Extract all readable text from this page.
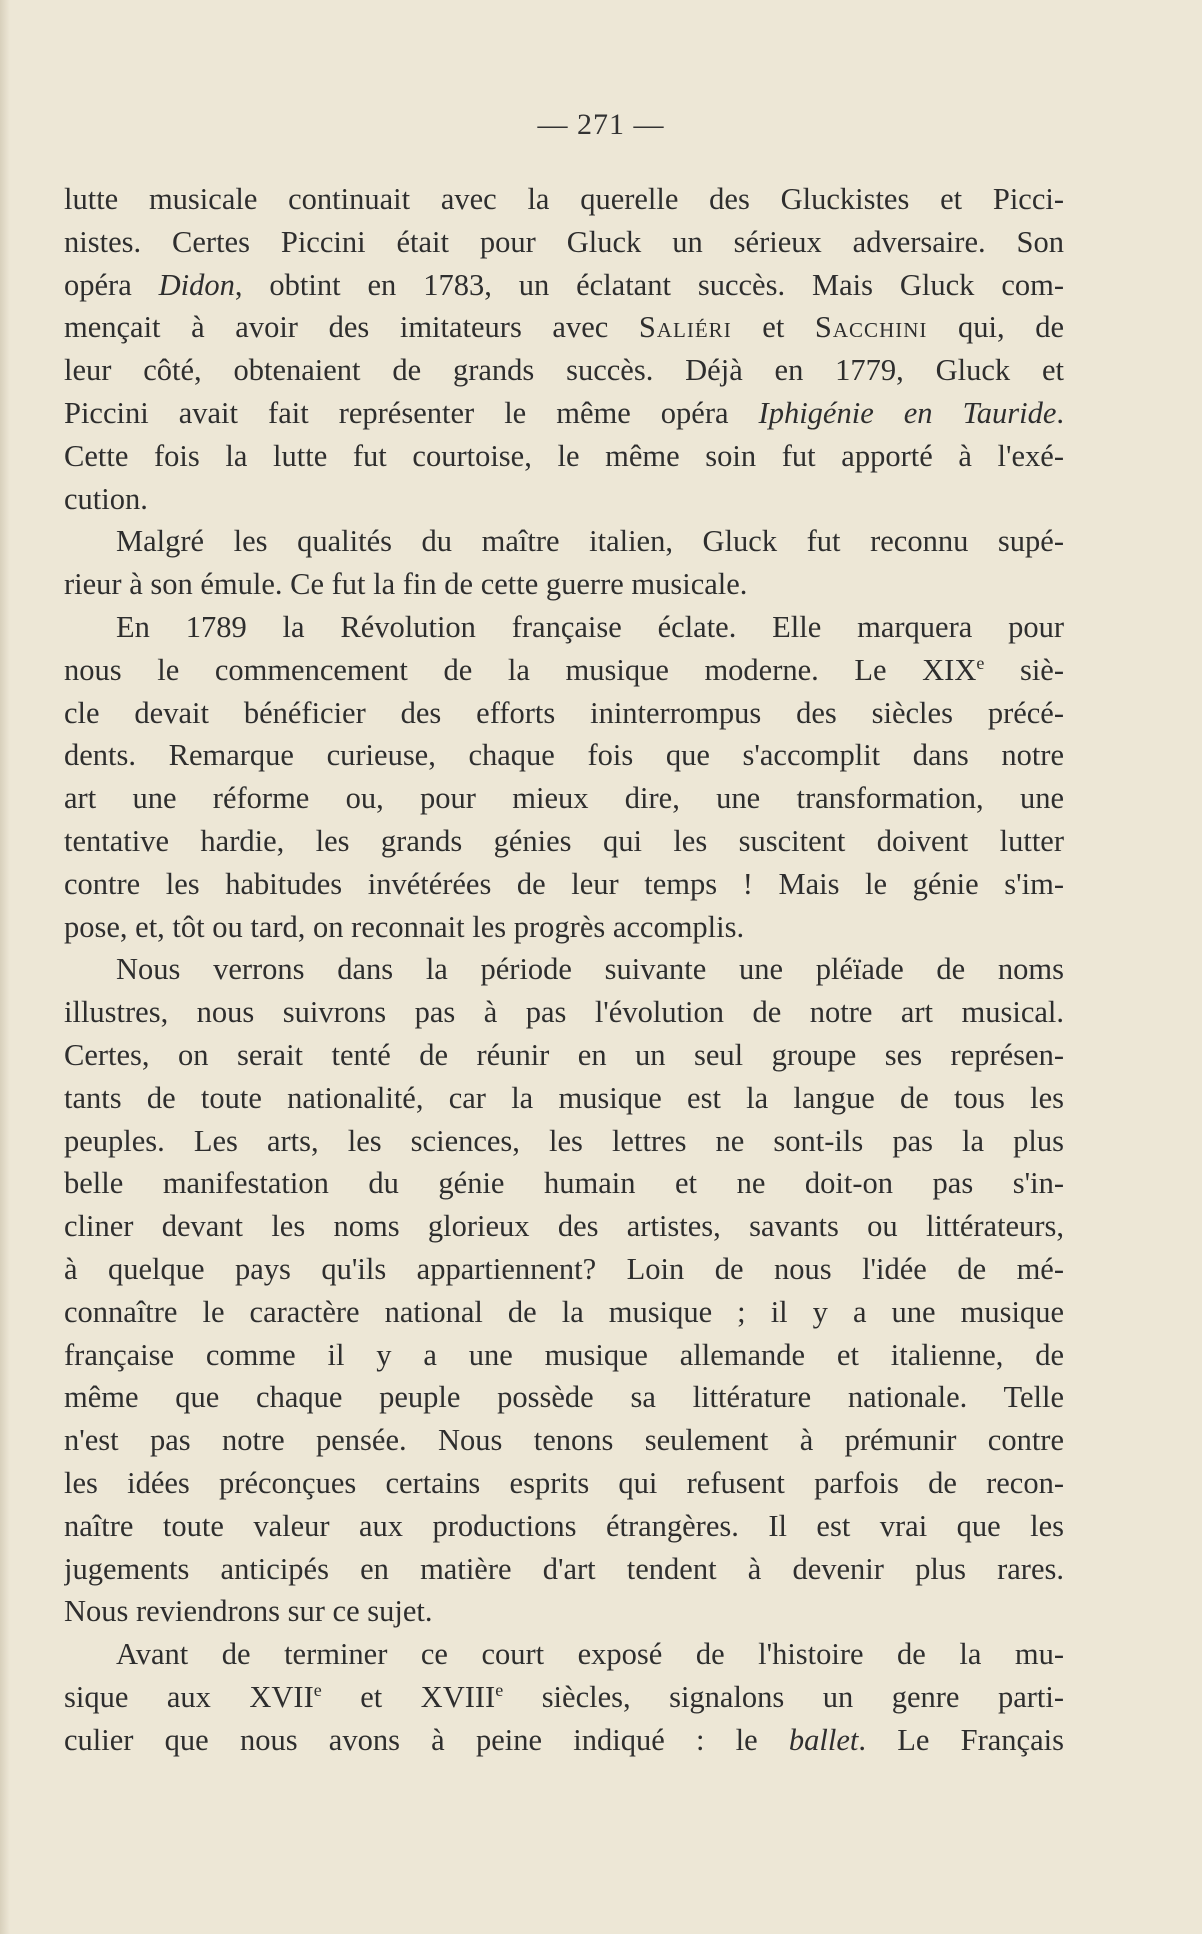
— 271 —
lutte musicale continuait avec la querelle des Gluckistes et Picci-
nistes. Certes Piccini était pour Gluck un sérieux adversaire. Son
opéra Didon, obtint en 1783, un éclatant succès. Mais Gluck com-
mençait à avoir des imitateurs avec Saliéri et Sacchini qui, de
leur côté, obtenaient de grands succès. Déjà en 1779, Gluck et
Piccini avait fait représenter le même opéra Iphigénie en Tauride.
Cette fois la lutte fut courtoise, le même soin fut apporté à l'exé-
cution.
Malgré les qualités du maître italien, Gluck fut reconnu supé-
rieur à son émule. Ce fut la fin de cette guerre musicale.
En 1789 la Révolution française éclate. Elle marquera pour
nous le commencement de la musique moderne. Le XIXe siè-
cle devait bénéficier des efforts ininterrompus des siècles précé-
dents. Remarque curieuse, chaque fois que s'accomplit dans notre
art une réforme ou, pour mieux dire, une transformation, une
tentative hardie, les grands génies qui les suscitent doivent lutter
contre les habitudes invétérées de leur temps ! Mais le génie s'im-
pose, et, tôt ou tard, on reconnait les progrès accomplis.
Nous verrons dans la période suivante une pléïade de noms
illustres, nous suivrons pas à pas l'évolution de notre art musical.
Certes, on serait tenté de réunir en un seul groupe ses représen-
tants de toute nationalité, car la musique est la langue de tous les
peuples. Les arts, les sciences, les lettres ne sont-ils pas la plus
belle manifestation du génie humain et ne doit-on pas s'in-
cliner devant les noms glorieux des artistes, savants ou littérateurs,
à quelque pays qu'ils appartiennent? Loin de nous l'idée de mé-
connaître le caractère national de la musique ; il y a une musique
française comme il y a une musique allemande et italienne, de
même que chaque peuple possède sa littérature nationale. Telle
n'est pas notre pensée. Nous tenons seulement à prémunir contre
les idées préconçues certains esprits qui refusent parfois de recon-
naître toute valeur aux productions étrangères. Il est vrai que les
jugements anticipés en matière d'art tendent à devenir plus rares.
Nous reviendrons sur ce sujet.
Avant de terminer ce court exposé de l'histoire de la mu-
sique aux XVIIe et XVIIIe siècles, signalons un genre parti-
culier que nous avons à peine indiqué : le ballet. Le Français
